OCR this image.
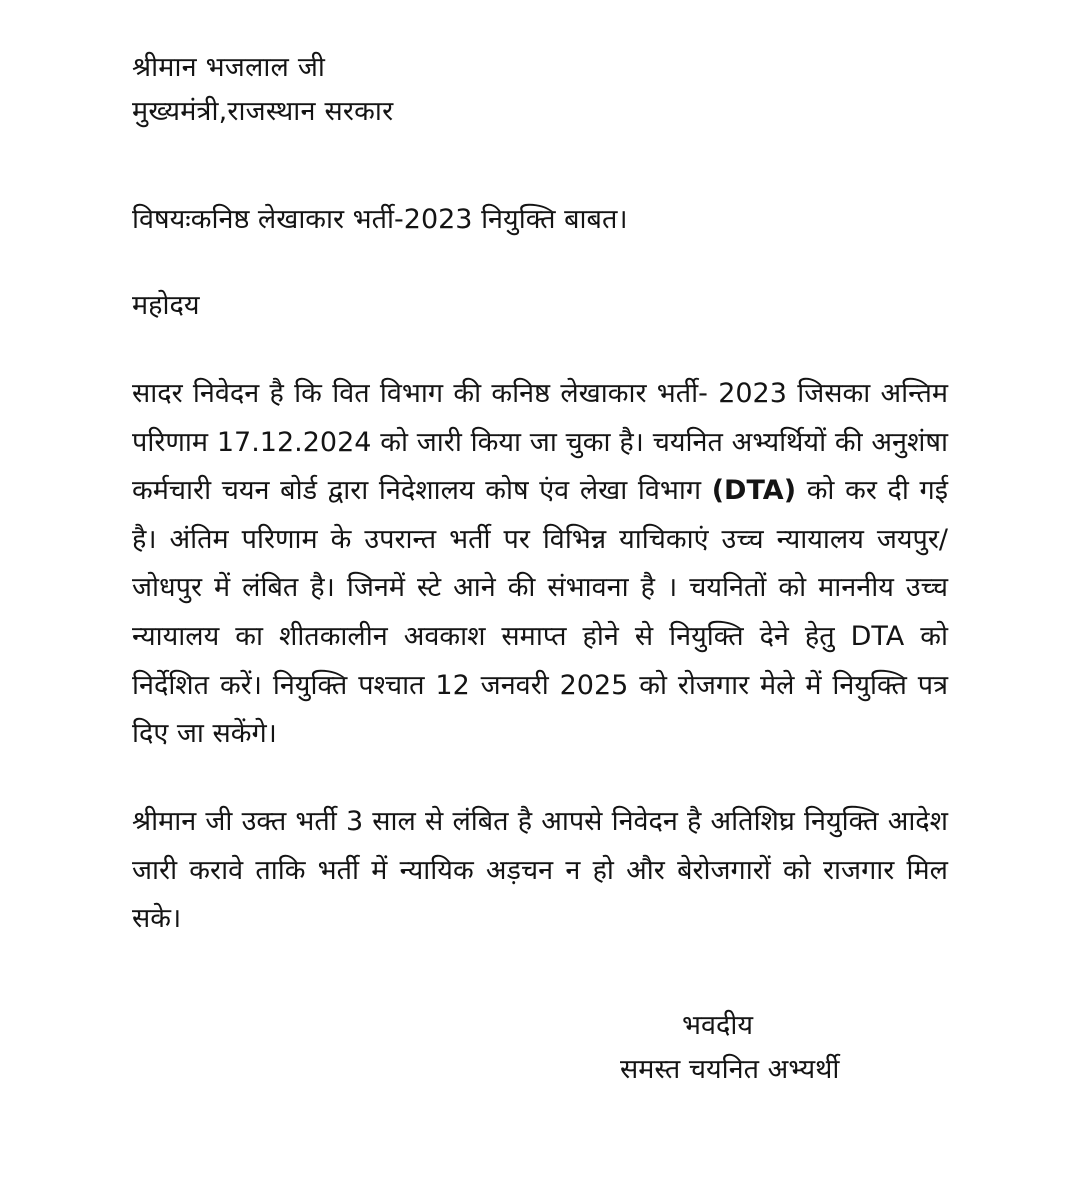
श्रीमान भजलाल जी
मुख्यमंत्री,राजस्थान सरकार
विषयःकनिष्ठ लेखाकार भर्ती-2023 नियुक्ति बाबत।
महोदय
सादर निवेदन है कि वित विभाग की कनिष्ठ लेखाकार भर्ती- 2023 जिसका अन्तिम परिणाम 17.12.2024 को जारी किया जा चुका है। चयनित अभ्यर्थियों की अनुशंषा कर्मचारी चयन बोर्ड द्वारा निदेशालय कोष एंव लेखा विभाग (DTA) को कर दी गई है। अंतिम परिणाम के उपरान्त भर्ती पर विभिन्न याचिकाएं उच्च न्यायालय जयपुर/ जोधपुर में लंबित है। जिनमें स्टे आने की संभावना है । चयनितों को माननीय उच्च न्यायालय का शीतकालीन अवकाश समाप्त होने से नियुक्ति देने हेतु DTA को निर्देशित करें। नियुक्ति पश्चात 12 जनवरी 2025 को रोजगार मेले में नियुक्ति पत्र दिए जा सकेंगे।
श्रीमान जी उक्त भर्ती 3 साल से लंबित है आपसे निवेदन है अतिशिघ्र नियुक्ति आदेश जारी करावे ताकि भर्ती में न्यायिक अड़चन न हो और बेरोजगारों को राजगार मिल सके।
भवदीय
समस्त चयनित अभ्यर्थी
